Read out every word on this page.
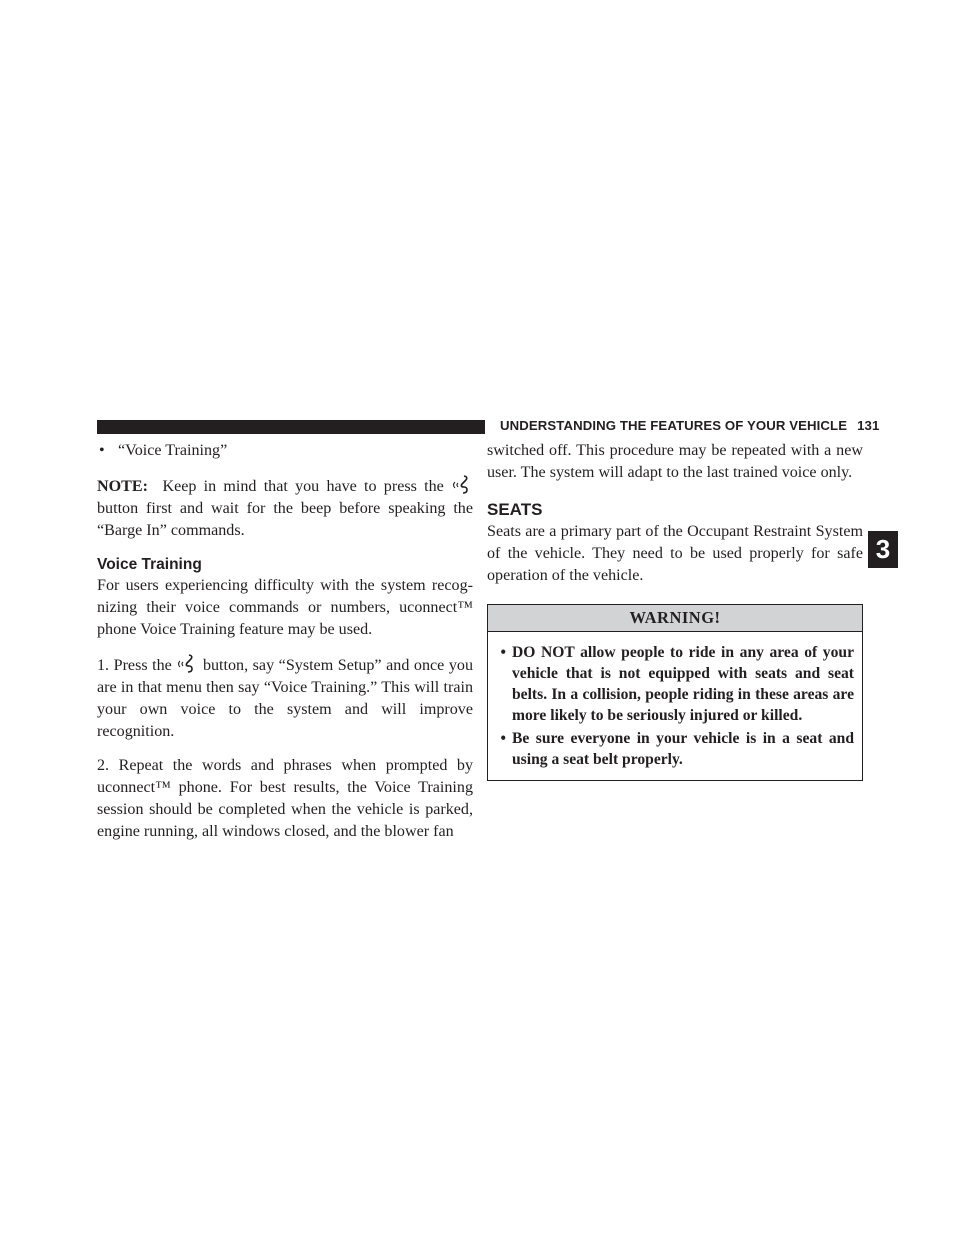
UNDERSTANDING THE FEATURES OF YOUR VEHICLE 131
3

• “Voice Training”

NOTE: Keep in mind that you have to press the  button first and wait for the beep before speaking the “Barge In” commands.

Voice Training

For users experiencing difficulty with the system recog-nizing their voice commands or numbers, uconnect™ phone Voice Training feature may be used.

1. Press the button, say “System Setup” and once you are in that menu then say “Voice Training.” This will train your own voice to the system and will improve recognition.

2. Repeat the words and phrases when prompted by uconnect™ phone. For best results, the Voice Training session should be completed when the vehicle is parked, engine running, all windows closed, and the blower fan

switched off. This procedure may be repeated with a new user. The system will adapt to the last trained voice only.

SEATS

Seats are a primary part of the Occupant Restraint System of the vehicle. They need to be used properly for safe operation of the vehicle.

WARNING!
• DO NOT allow people to ride in any area of your vehicle that is not equipped with seats and seat belts. In a collision, people riding in these areas are more likely to be seriously injured or killed.
• Be sure everyone in your vehicle is in a seat and using a seat belt properly.
